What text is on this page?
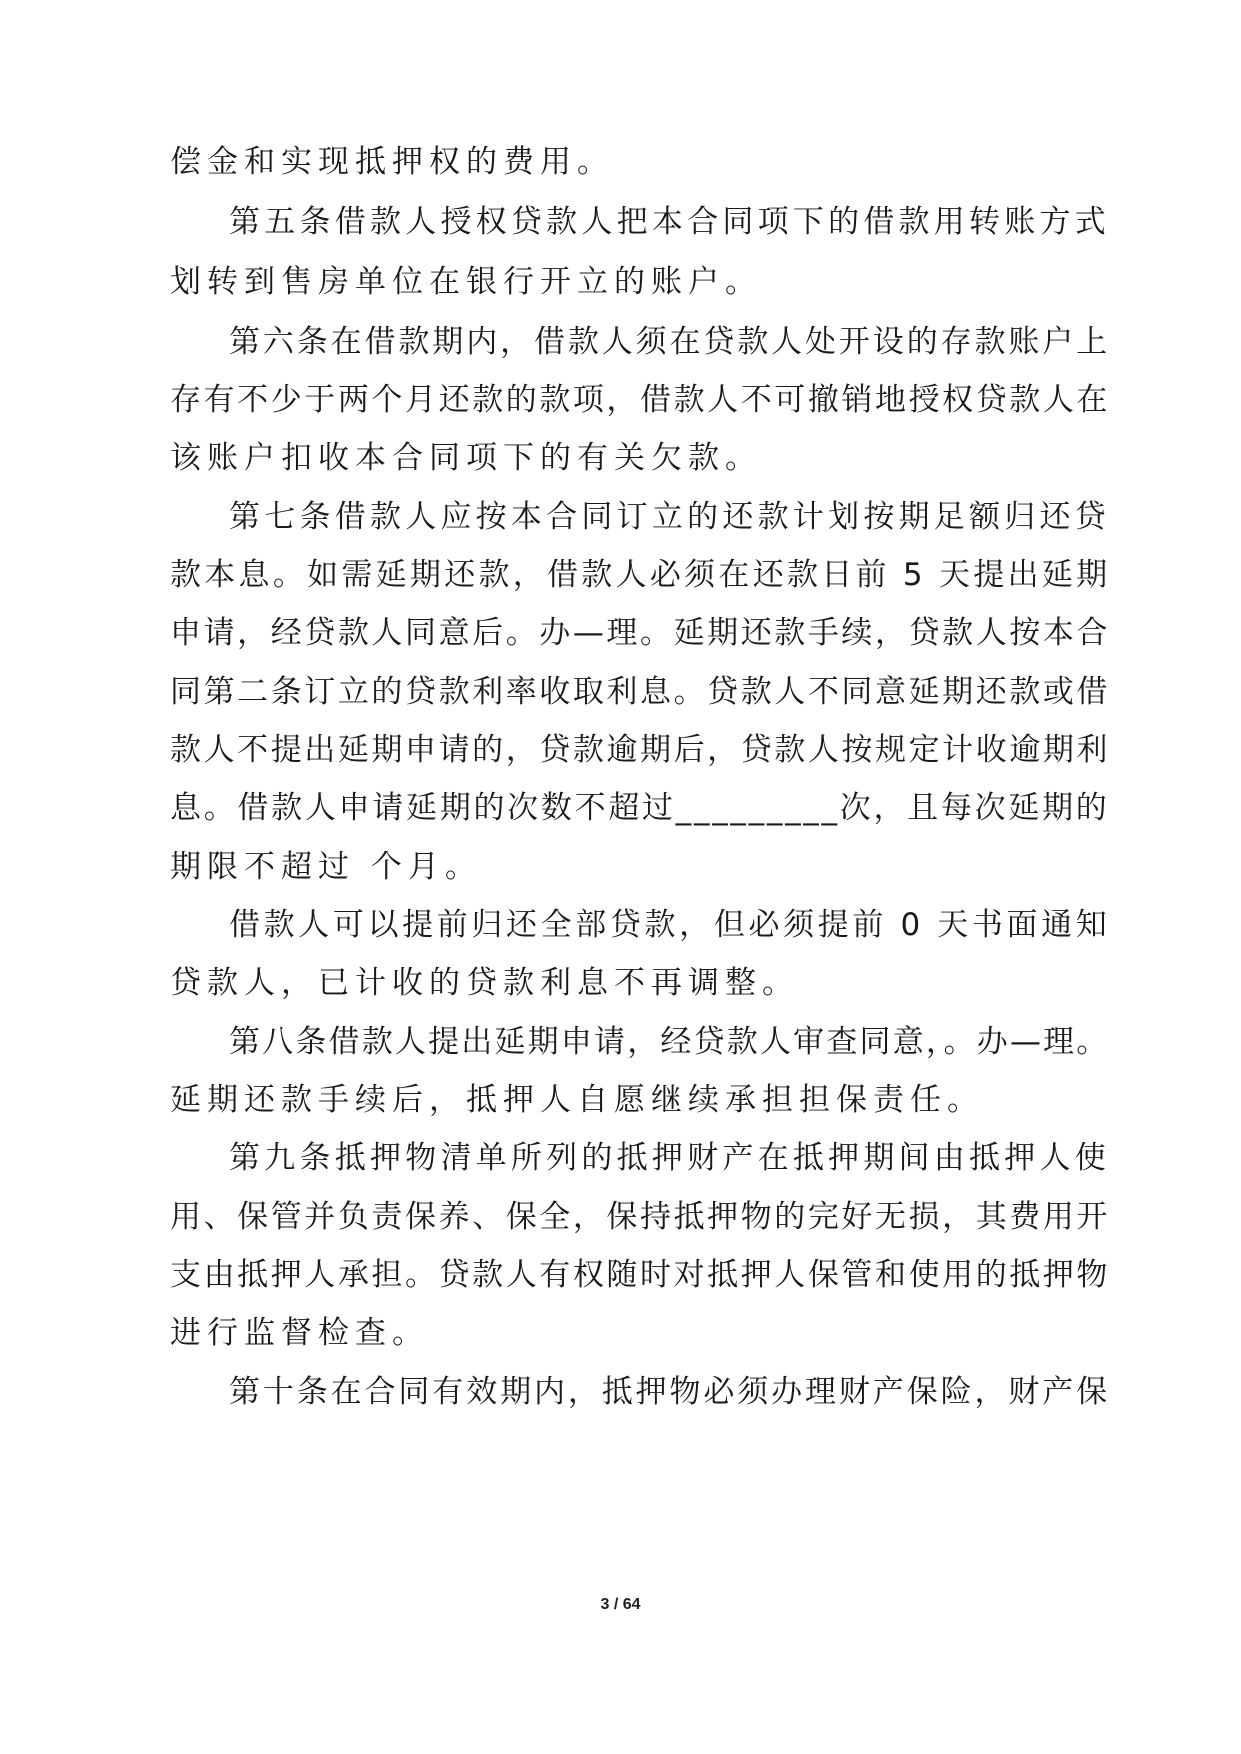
偿金和实现抵押权的费用。
第五条借款人授权贷款人把本合同项下的借款用转账方式
划转到售房单位在银行开立的账户。
第六条在借款期内，借款人须在贷款人处开设的存款账户上
存有不少于两个月还款的款项，借款人不可撤销地授权贷款人在
该账户扣收本合同项下的有关欠款。
第七条借款人应按本合同订立的还款计划按期足额归还贷
款本息。如需延期还款，借款人必须在还款日前 5 天提出延期
申请，经贷款人同意后。办—理。延期还款手续，贷款人按本合
同第二条订立的贷款利率收取利息。贷款人不同意延期还款或借
款人不提出延期申请的，贷款逾期后，贷款人按规定计收逾期利
息。借款人申请延期的次数不超过_________次，且每次延期的
期限不超过 个月。
借款人可以提前归还全部贷款，但必须提前 0 天书面通知
贷款人，已计收的贷款利息不再调整。
第八条借款人提出延期申请，经贷款人审查同意，。办—理。
延期还款手续后，抵押人自愿继续承担担保责任。
第九条抵押物清单所列的抵押财产在抵押期间由抵押人使
用、保管并负责保养、保全，保持抵押物的完好无损，其费用开
支由抵押人承担。贷款人有权随时对抵押人保管和使用的抵押物
进行监督检查。
第十条在合同有效期内，抵押物必须办理财产保险，财产保
3 / 64
